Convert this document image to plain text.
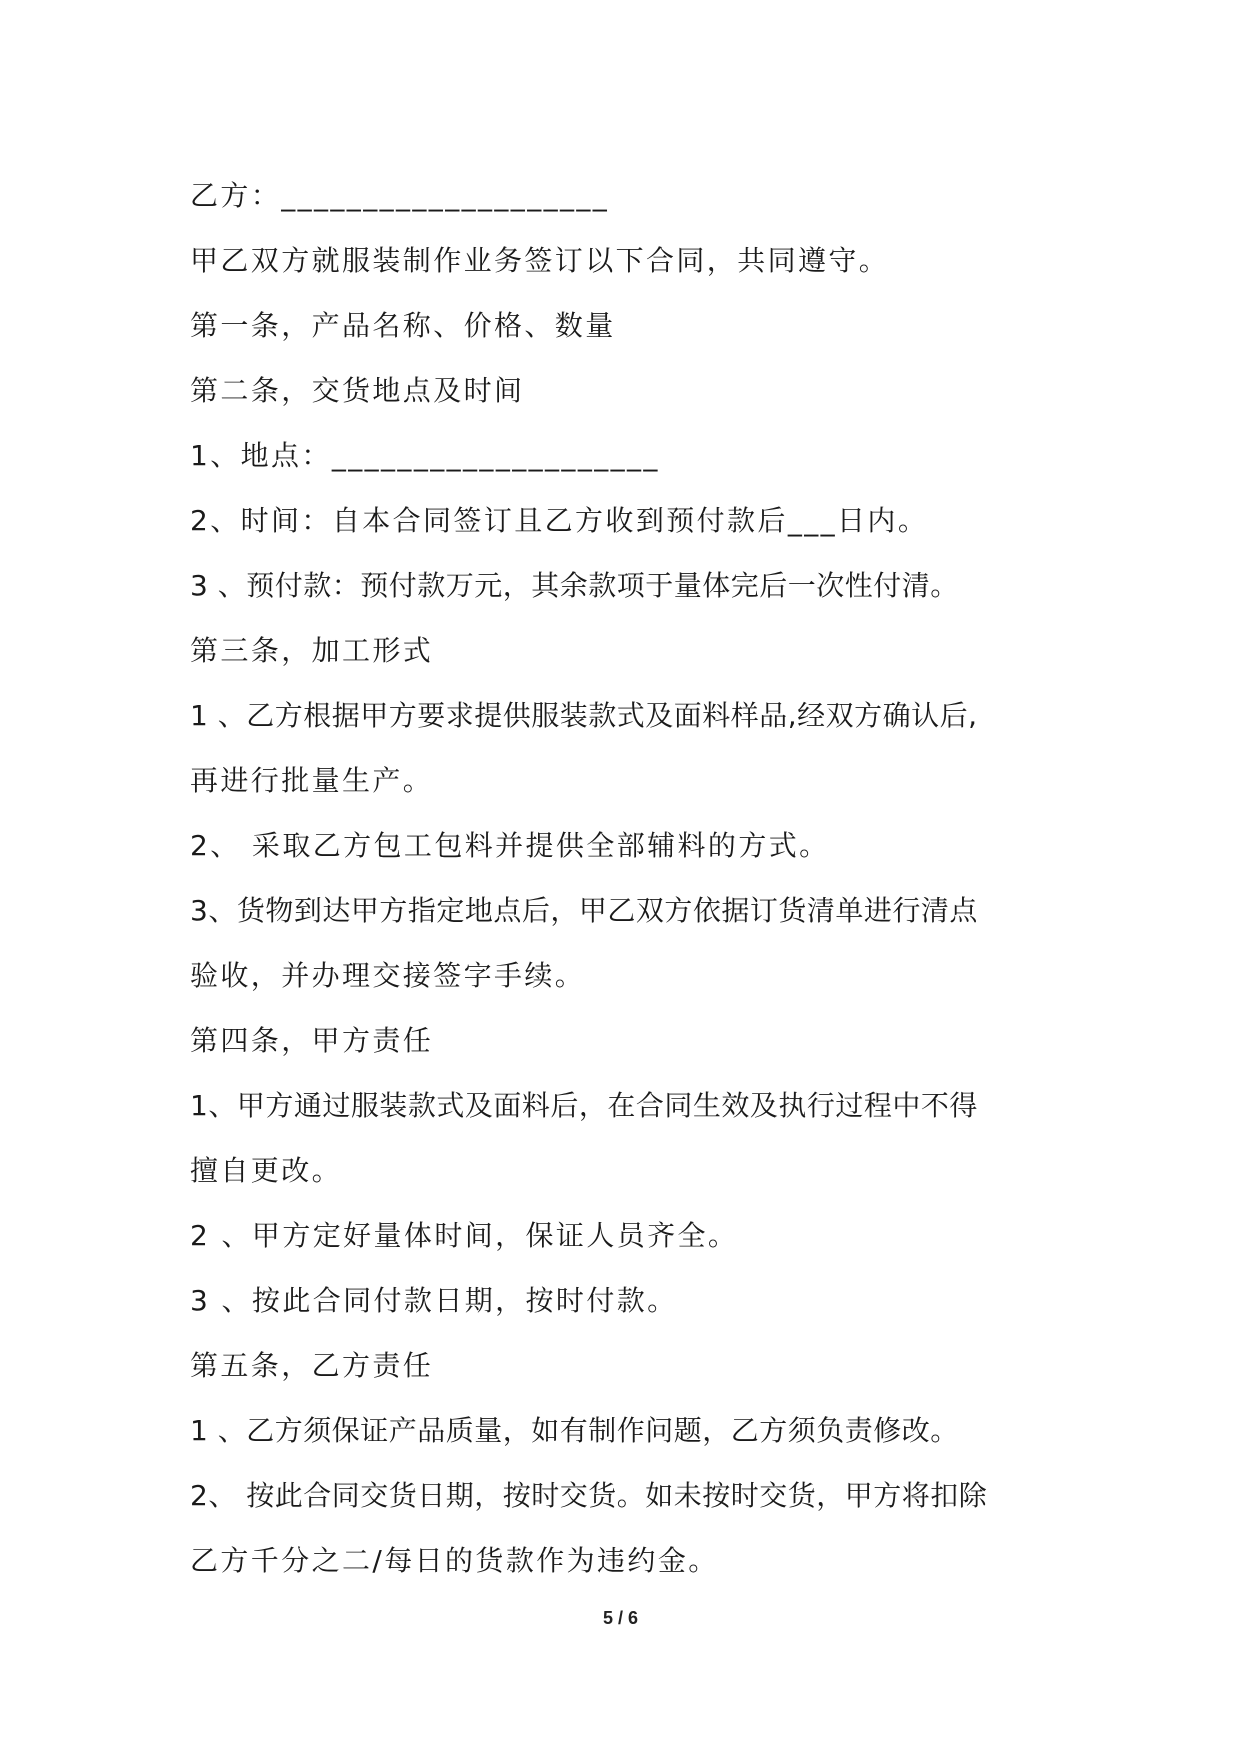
乙方：____________________
甲乙双方就服装制作业务签订以下合同，共同遵守。
第一条，产品名称、价格、数量
第二条，交货地点及时间
1、地点：____________________
2、时间：自本合同签订且乙方收到预付款后___日内。
3 、预付款：预付款万元，其余款项于量体完后一次性付清。
第三条，加工形式
1 、乙方根据甲方要求提供服装款式及面料样品,经双方确认后,
再进行批量生产。
2、 采取乙方包工包料并提供全部辅料的方式。
3、货物到达甲方指定地点后，甲乙双方依据订货清单进行清点
验收，并办理交接签字手续。
第四条，甲方责任
1、甲方通过服装款式及面料后，在合同生效及执行过程中不得
擅自更改。
2 、甲方定好量体时间，保证人员齐全。
3 、按此合同付款日期，按时付款。
第五条，乙方责任
1 、乙方须保证产品质量，如有制作问题，乙方须负责修改。
2、 按此合同交货日期，按时交货。如未按时交货，甲方将扣除
乙方千分之二/每日的货款作为违约金。
5 / 6
